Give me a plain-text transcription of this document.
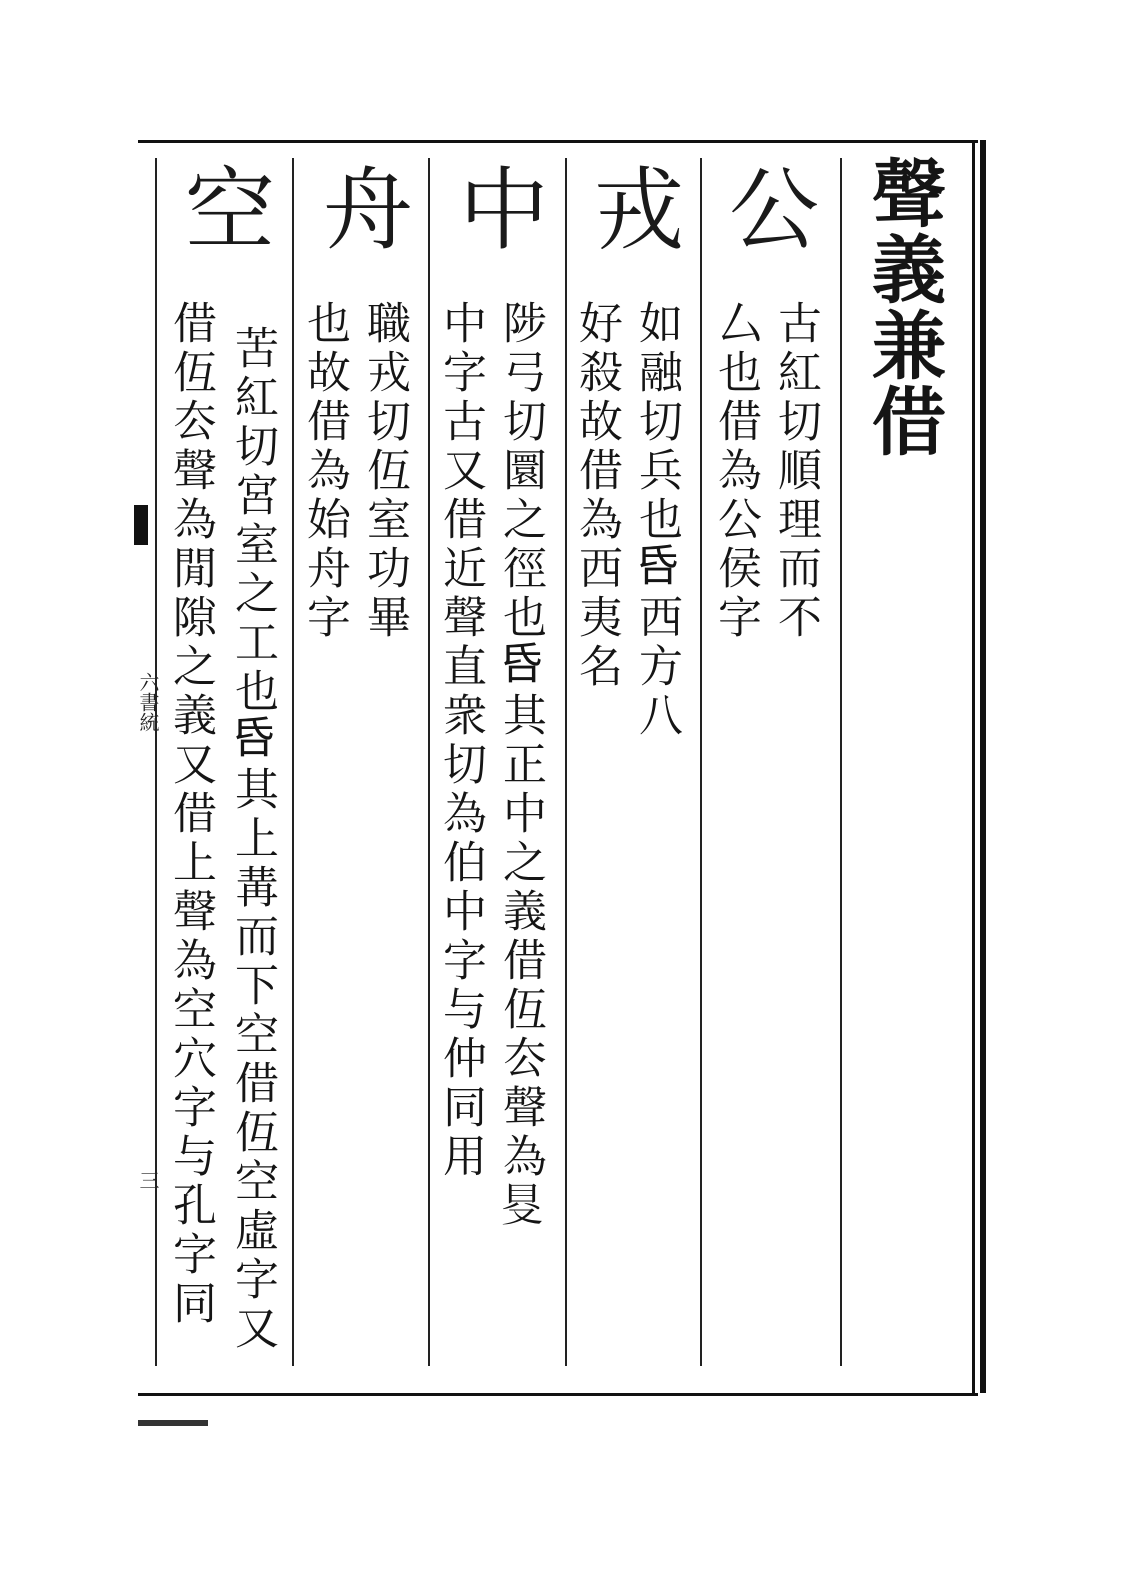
聲義兼借
公
古紅切順理而不
厶也借為公侯字
戎
如融切兵也𠯑西方八
好殺故借為西夷名
中
陟弓切圜之徑也𠯑其正中之義借仾厺聲為𠭁
中字古又借近聲直衆切為伯中字与仲同用
舟
職戎切仾室功畢
也故借為始舟字
空
苦紅切宮室之工也𠯑其上冓而下空借仾空虛字又
借仾厺聲為閒隙之義又借上聲為空穴字与孔字同
六書統
三
